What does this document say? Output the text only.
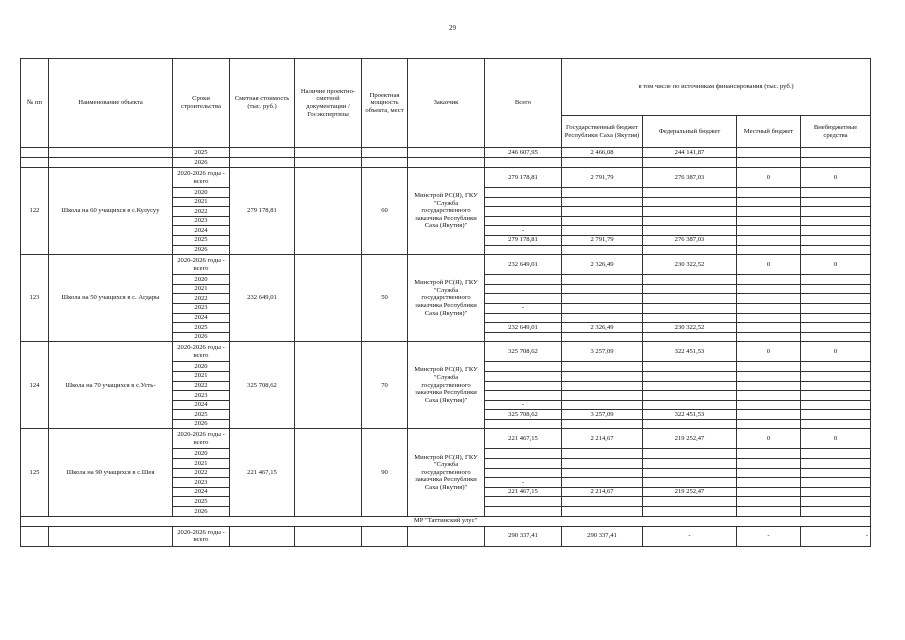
29
№ пп	Наименование объекта	Сроки строительства	Сметная стоимость (тыс. руб.)	Наличие проектно-сметной документации /Госэкспертизы	Проектная мощность объекта, мест	Заказчик	Всего	в том числе по источникам финансирования (тыс. руб.)			
								Государственный бюджет Республики Саха (Якутия)	Федеральный бюджет	Местный бюджет	Внебюджетные средства
		2025					246 607,95	2 466,08	244 141,87		
		2026									
122	Школа на 60 учащихся в с.Кулусуу	2020-2026 годы - всего	279 178,81		60	Минстрой РС(Я), ГКУ "Служба государственного заказчика Республики Саха (Якутия)"	279 178,81	2 791,79	276 387,03	0	0
		2020									
		2021									
		2022									
		2023									
		2024					-				
		2025					279 178,81	2 791,79	276 387,03		
		2026									
123	Школа на 50 учащихся в с. Агдары	2020-2026 годы - всего	232 649,01		50	Минстрой РС(Я), ГКУ "Служба государственного заказчика Республики Саха (Якутия)"	232 649,01	2 326,49	230 322,52	0	0
		2020									
		2021									
		2022									
		2023					-				
		2024									
		2025					232 649,01	2 326,49	230 322,52		
		2026									
124	Школа на 70 учащихся в с.Усть-	2020-2026 годы - всего	325 708,62		70	Минстрой РС(Я), ГКУ "Служба государственного заказчика Республики Саха (Якутия)"	325 708,62	3 257,09	322 451,53	0	0
		2020									
		2021									
		2022									
		2023									
		2024					-				
		2025					325 708,62	3 257,09	322 451,53		
		2026									
125	Школа на 90 учащихся в с.Шея	2020-2026 годы - всего	221 467,15		90	Минстрой РС(Я), ГКУ "Служба государственного заказчика Республики Саха (Якутия)"	221 467,15	2 214,67	219 252,47	0	0
		2020									
		2021									
		2022									
		2023					-				
		2024					221 467,15	2 214,67	219 252,47		
		2025									
		2026									
МР "Таттинский улус"											
		2020-2026 годы - всего					290 337,41	290 337,41	-	-	-
